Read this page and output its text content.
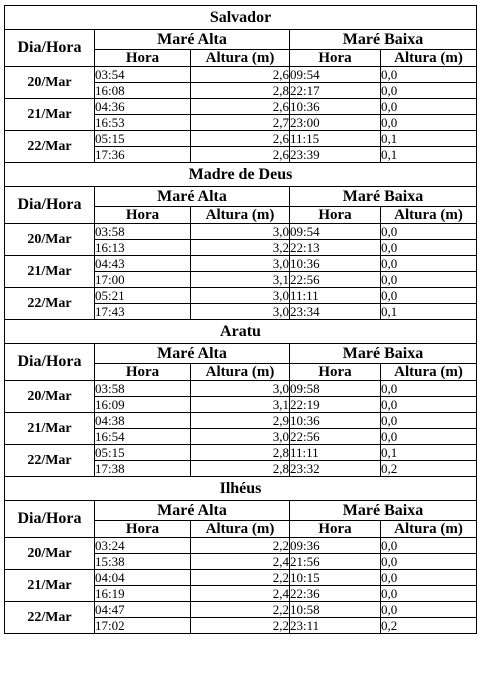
Salvador				
Dia/Hora	Maré Alta		Maré Baixa	
	Hora	Altura (m)	Hora	Altura (m)
20/Mar	03:54	2,6	09:54	0,0
	16:08	2,8	22:17	0,0
21/Mar	04:36	2,6	10:36	0,0
	16:53	2,7	23:00	0,0
22/Mar	05:15	2,6	11:15	0,1
	17:36	2,6	23:39	0,1
Madre de Deus				
Dia/Hora	Maré Alta		Maré Baixa	
	Hora	Altura (m)	Hora	Altura (m)
20/Mar	03:58	3,0	09:54	0,0
	16:13	3,2	22:13	0,0
21/Mar	04:43	3,0	10:36	0,0
	17:00	3,1	22:56	0,0
22/Mar	05:21	3,0	11:11	0,0
	17:43	3,0	23:34	0,1
Aratu				
Dia/Hora	Maré Alta		Maré Baixa	
	Hora	Altura (m)	Hora	Altura (m)
20/Mar	03:58	3,0	09:58	0,0
	16:09	3,1	22:19	0,0
21/Mar	04:38	2,9	10:36	0,0
	16:54	3,0	22:56	0,0
22/Mar	05:15	2,8	11:11	0,1
	17:38	2,8	23:32	0,2
Ilhéus				
Dia/Hora	Maré Alta		Maré Baixa	
	Hora	Altura (m)	Hora	Altura (m)
20/Mar	03:24	2,2	09:36	0,0
	15:38	2,4	21:56	0,0
21/Mar	04:04	2,2	10:15	0,0
	16:19	2,4	22:36	0,0
22/Mar	04:47	2,2	10:58	0,0
	17:02	2,2	23:11	0,2
